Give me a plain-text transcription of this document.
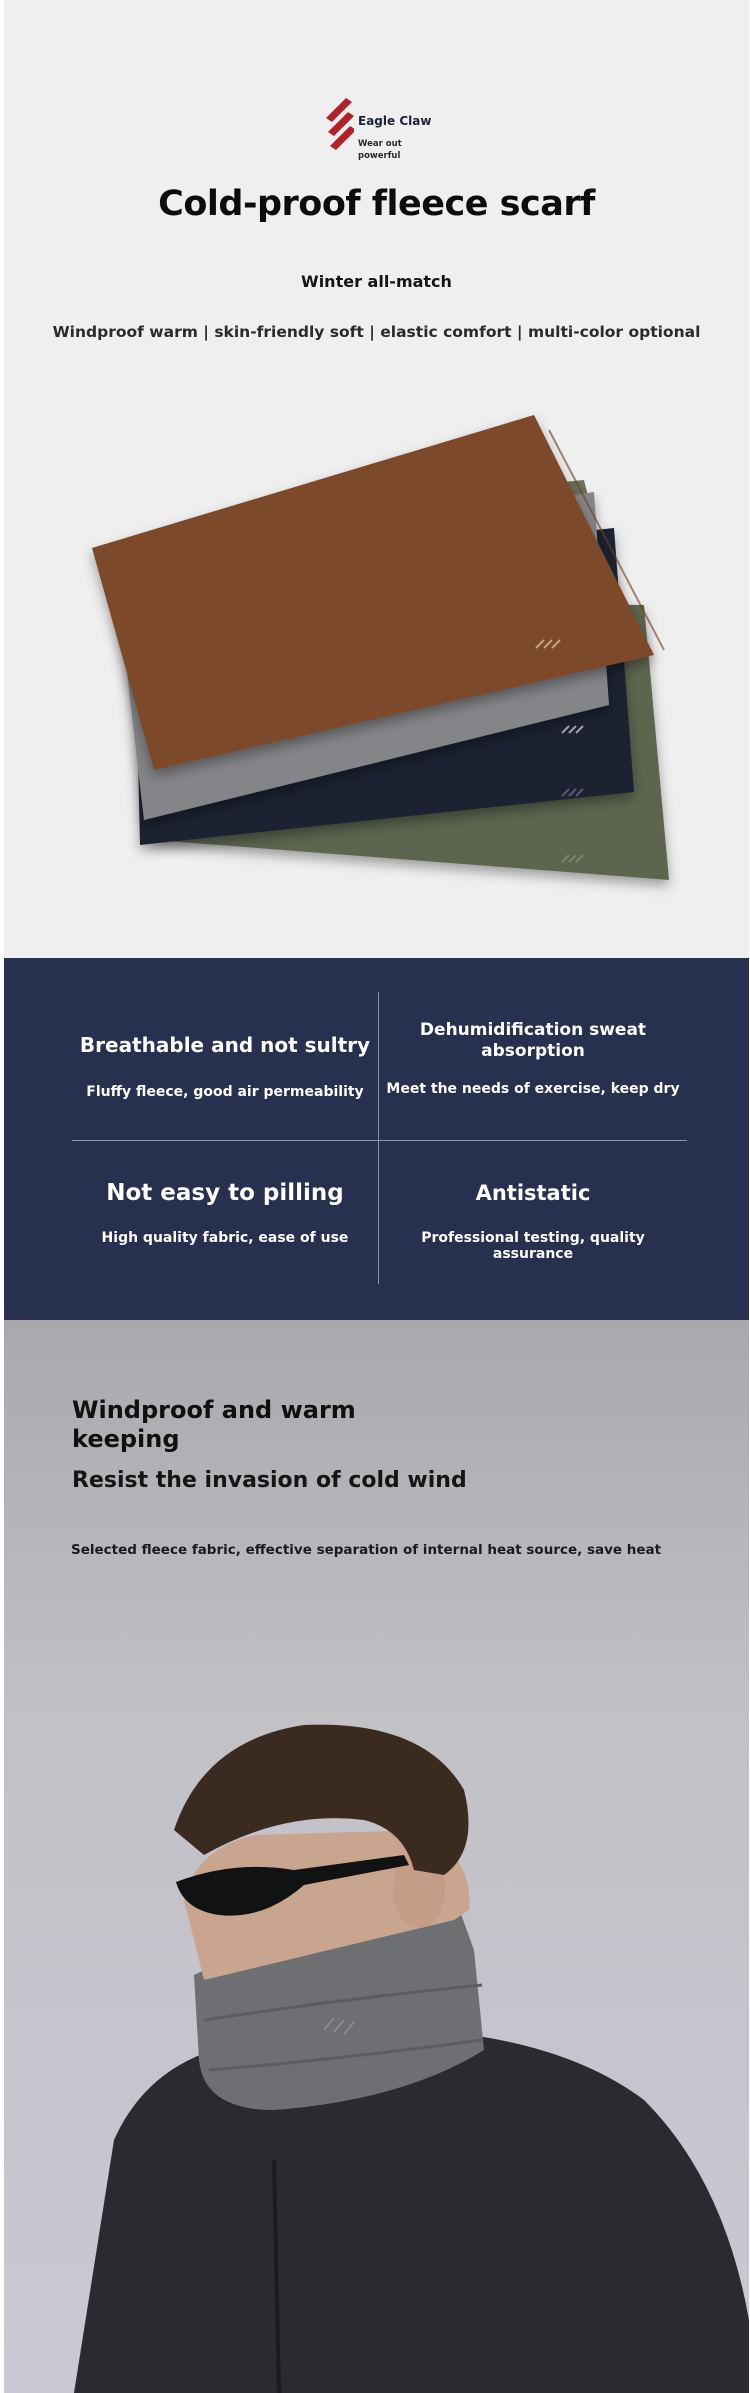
Eagle Claw
Wear out powerful
Cold-proof fleece scarf
Winter all-match
Windproof warm | skin-friendly soft | elastic comfort | multi-color optional
Breathable and not sultry
Fluffy fleece, good air permeability
Dehumidification sweat absorption
Meet the needs of exercise, keep dry
Not easy to pilling
High quality fabric, ease of use
Antistatic
Professional testing, quality assurance
Windproof and warm keeping
Resist the invasion of cold wind
Selected fleece fabric, effective separation of internal heat source, save heat
